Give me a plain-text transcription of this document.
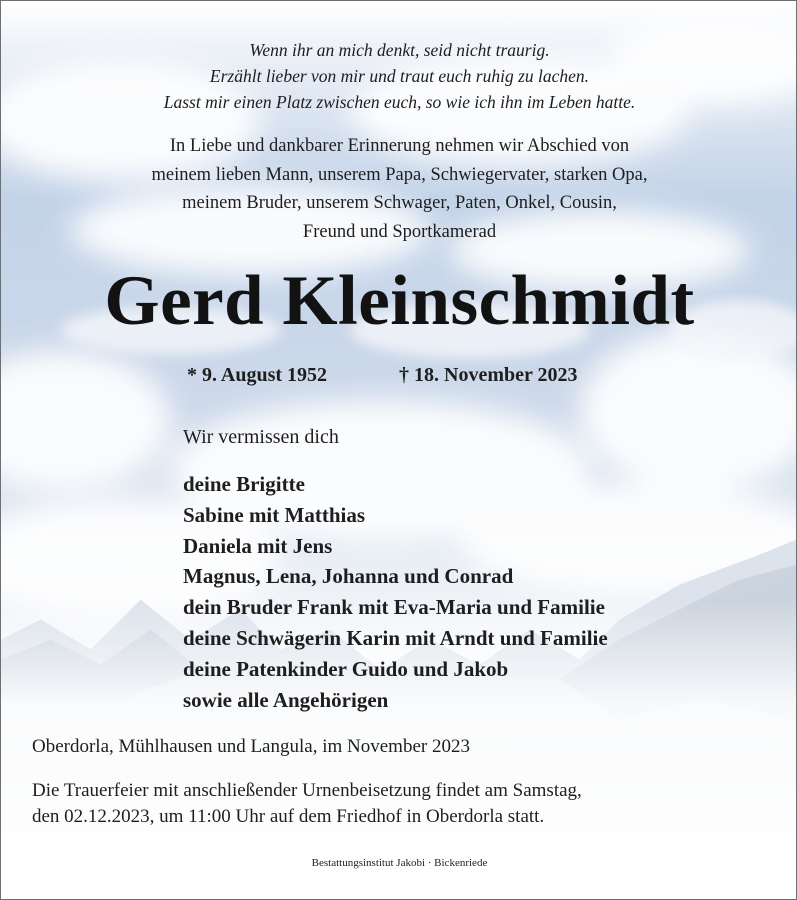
Wenn ihr an mich denkt, seid nicht traurig.
Erzählt lieber von mir und traut euch ruhig zu lachen.
Lasst mir einen Platz zwischen euch, so wie ich ihn im Leben hatte.
In Liebe und dankbarer Erinnerung nehmen wir Abschied von
meinem lieben Mann, unserem Papa, Schwiegervater, starken Opa,
meinem Bruder, unserem Schwager, Paten, Onkel, Cousin,
Freund und Sportkamerad
Gerd Kleinschmidt
* 9. August 1952	† 18. November 2023
Wir vermissen dich
deine Brigitte
Sabine mit Matthias
Daniela mit Jens
Magnus, Lena, Johanna und Conrad
dein Bruder Frank mit Eva-Maria und Familie
deine Schwägerin Karin mit Arndt und Familie
deine Patenkinder Guido und Jakob
sowie alle Angehörigen
Oberdorla, Mühlhausen und Langula, im November 2023
Die Trauerfeier mit anschließender Urnenbeisetzung findet am Samstag,
den 02.12.2023, um 11:00 Uhr auf dem Friedhof in Oberdorla statt.
Bestattungsinstitut Jakobi · Bickenriede
